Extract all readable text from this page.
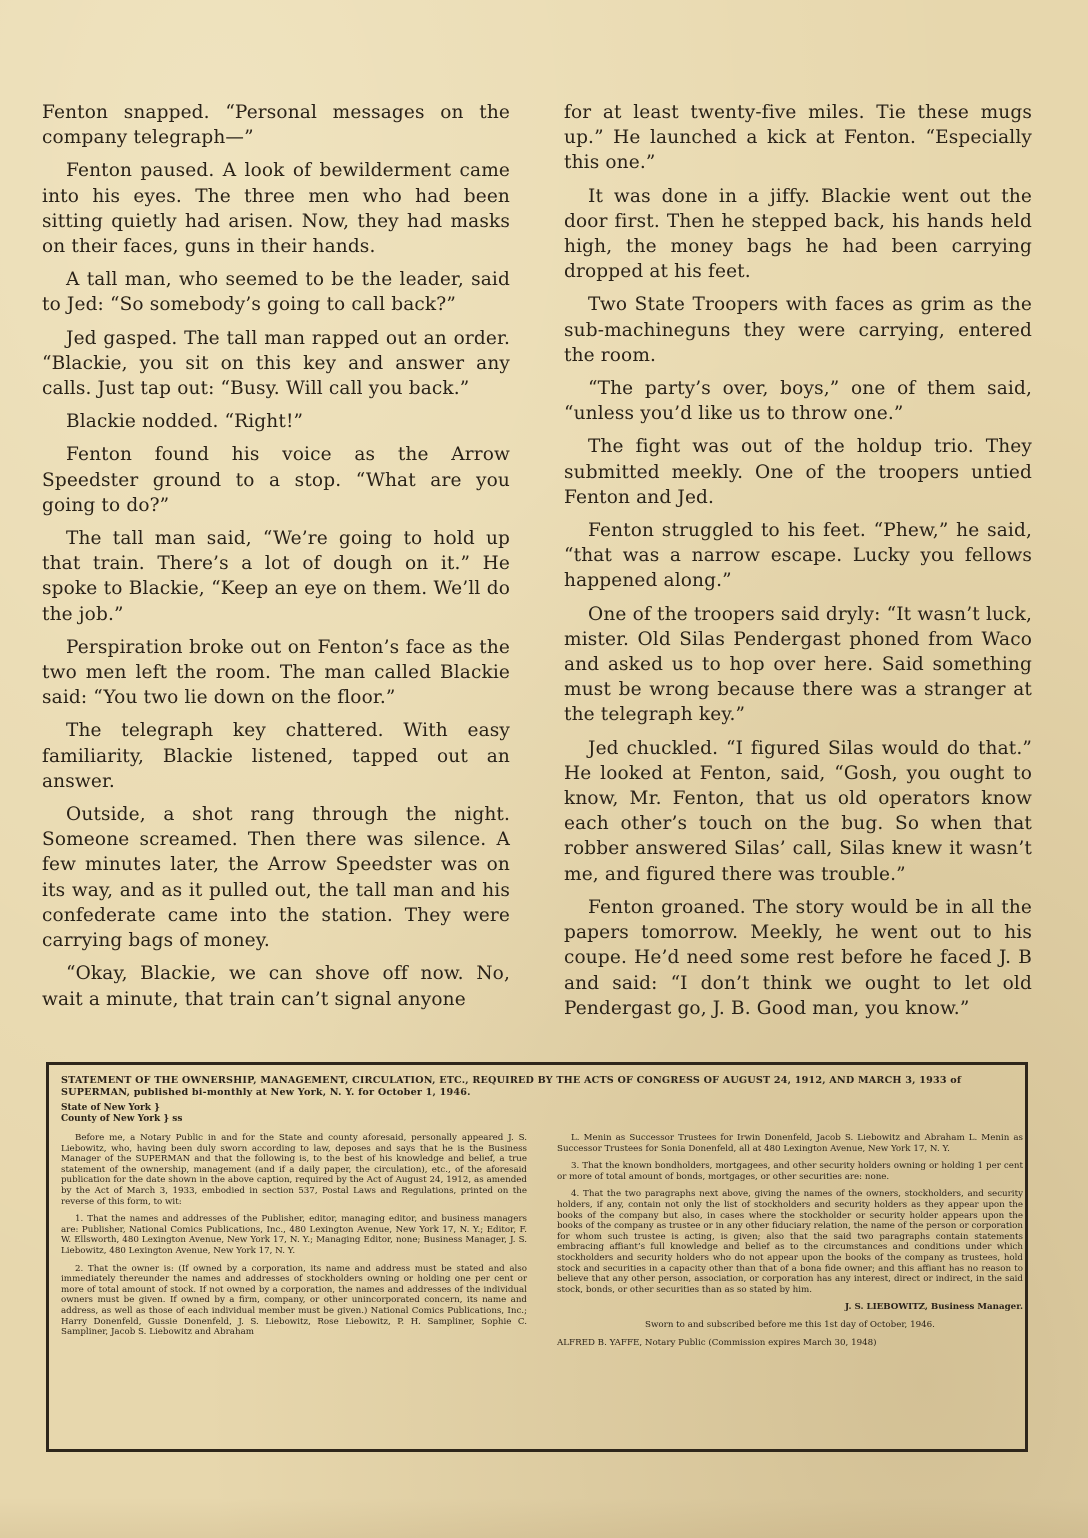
Fenton snapped. “Personal messages on the company telegraph—”

Fenton paused. A look of bewilderment came into his eyes. The three men who had been sitting quietly had arisen. Now, they had masks on their faces, guns in their hands.

A tall man, who seemed to be the leader, said to Jed: “So somebody’s going to call back?”

Jed gasped. The tall man rapped out an order. “Blackie, you sit on this key and answer any calls. Just tap out: “Busy. Will call you back.”

Blackie nodded. “Right!”

Fenton found his voice as the Arrow Speedster ground to a stop. “What are you going to do?”

The tall man said, “We’re going to hold up that train. There’s a lot of dough on it.” He spoke to Blackie, “Keep an eye on them. We’ll do the job.”

Perspiration broke out on Fenton’s face as the two men left the room. The man called Blackie said: “You two lie down on the floor.”

The telegraph key chattered. With easy familiarity, Blackie listened, tapped out an answer.

Outside, a shot rang through the night. Someone screamed. Then there was silence. A few minutes later, the Arrow Speedster was on its way, and as it pulled out, the tall man and his confederate came into the station. They were carrying bags of money.

“Okay, Blackie, we can shove off now. No, wait a minute, that train can’t signal anyone

for at least twenty-five miles. Tie these mugs up.” He launched a kick at Fenton. “Especially this one.”

It was done in a jiffy. Blackie went out the door first. Then he stepped back, his hands held high, the money bags he had been carrying dropped at his feet.

Two State Troopers with faces as grim as the sub-machineguns they were carrying, entered the room.

“The party’s over, boys,” one of them said, “unless you’d like us to throw one.”

The fight was out of the holdup trio. They submitted meekly. One of the troopers untied Fenton and Jed.

Fenton struggled to his feet. “Phew,” he said, “that was a narrow escape. Lucky you fellows happened along.”

One of the troopers said dryly: “It wasn’t luck, mister. Old Silas Pendergast phoned from Waco and asked us to hop over here. Said something must be wrong because there was a stranger at the telegraph key.”

Jed chuckled. “I figured Silas would do that.” He looked at Fenton, said, “Gosh, you ought to know, Mr. Fenton, that us old operators know each other’s touch on the bug. So when that robber answered Silas’ call, Silas knew it wasn’t me, and figured there was trouble.”

Fenton groaned. The story would be in all the papers tomorrow. Meekly, he went out to his coupe. He’d need some rest before he faced J. B and said: “I don’t think we ought to let old Pendergast go, J. B. Good man, you know.”

STATEMENT OF THE OWNERSHIP, MANAGEMENT, CIRCULATION, ETC., REQUIRED BY THE ACTS OF CONGRESS OF AUGUST 24, 1912, AND MARCH 3, 1933 of SUPERMAN, published bi-monthly at New York, N. Y. for October 1, 1946.
State of New York }
County of New York } ss

Before me, a Notary Public in and for the State and county aforesaid, personally appeared J. S. Liebowitz, who, having been duly sworn according to law, deposes and says that he is the Business Manager of the SUPERMAN and that the following is, to the best of his knowledge and belief, a true statement of the ownership, management (and if a daily paper, the circulation), etc., of the aforesaid publication for the date shown in the above caption, required by the Act of August 24, 1912, as amended by the Act of March 3, 1933, embodied in section 537, Postal Laws and Regulations, printed on the reverse of this form, to wit:

1. That the names and addresses of the Publisher, editor, managing editor, and business managers are: Publisher, National Comics Publications, Inc., 480 Lexington Avenue, New York 17, N. Y.; Editor, F. W. Ellsworth, 480 Lexington Avenue, New York 17, N. Y.; Managing Editor, none; Business Manager, J. S. Liebowitz, 480 Lexington Avenue, New York 17, N. Y.

2. That the owner is: (If owned by a corporation, its name and address must be stated and also immediately thereunder the names and addresses of stockholders owning or holding one per cent or more of total amount of stock. If not owned by a corporation, the names and addresses of the individual owners must be given. If owned by a firm, company, or other unincorporated concern, its name and address, as well as those of each individual member must be given.) National Comics Publications, Inc.; Harry Donenfeld, Gussie Donenfeld, J. S. Liebowitz, Rose Liebowitz, P. H. Sampliner, Sophie C. Sampliner, Jacob S. Liebowitz and Abraham

L. Menin as Successor Trustees for Irwin Donenfeld, Jacob S. Liebowitz and Abraham L. Menin as Successor Trustees for Sonia Donenfeld, all at 480 Lexington Avenue, New York 17, N. Y.

3. That the known bondholders, mortgagees, and other security holders owning or holding 1 per cent or more of total amount of bonds, mortgages, or other securities are: none.

4. That the two paragraphs next above, giving the names of the owners, stockholders, and security holders, if any, contain not only the list of stockholders and security holders as they appear upon the books of the company but also, in cases where the stockholder or security holder appears upon the books of the company as trustee or in any other fiduciary relation, the name of the person or corporation for whom such trustee is acting, is given; also that the said two paragraphs contain statements embracing affiant’s full knowledge and belief as to the circumstances and conditions under which stockholders and security holders who do not appear upon the books of the company as trustees, hold stock and securities in a capacity other than that of a bona fide owner; and this affiant has no reason to believe that any other person, association, or corporation has any interest, direct or indirect, in the said stock, bonds, or other securities than as so stated by him.

J. S. LIEBOWITZ, Business Manager.

Sworn to and subscribed before me this 1st day of October, 1946.

ALFRED B. YAFFE, Notary Public (Commission expires March 30, 1948)
